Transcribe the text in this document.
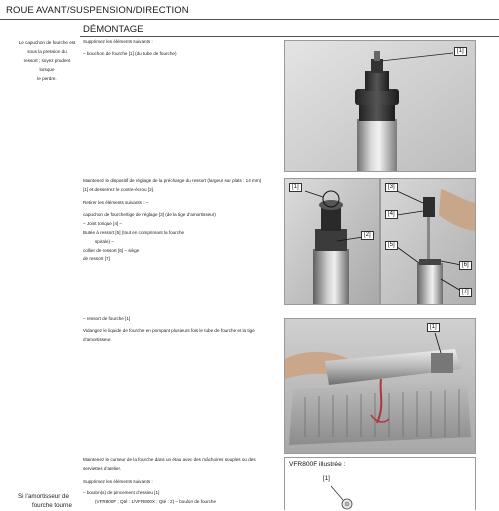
ROUE AVANT/SUSPENSION/DIRECTION
DÉMONTAGE
Le capuchon de fourche est
sous la pression du
ressort ; soyez prudent lorsque
le perdre.
Supprimez les éléments suivants :
– bouchon de fourche [1] (du tube de fourche)	[1]
Maintenez le dispositif de réglage de la précharge du ressort (largeur sur plats : 14 mm)
[1] et desserrez le contre-écrou [2].
Retirer les éléments suivants : –
capuchon de fourche/tige de réglage [3] (de la tige d’amortisseur)
– Joint torique [4] –
Butée à ressort [5] (tout en comprimant la fourche
spirale) –
collier de ressort [6] – siège
de ressort [7]
[1]
[2]
[3]
[4]
[5]
[6]
[7]
– ressort de fourche [1]
Vidangez le liquide de fourche en pompant plusieurs fois le tube de fourche et la tige
d’amortisseur.
[1]
Maintenez le curseur de la fourche dans un étau avec des mâchoires souples ou des
serviettes d’atelier.
Supprimez les éléments suivants :
– boulon(s) de pincement d’essieu [1]
(VFR800F ; Qté : 1/VFR800X ; Qté : 2) – boulon de fourche
Si l’amortisseur de
fourche tourne
VFR800F illustrée :
[1]
